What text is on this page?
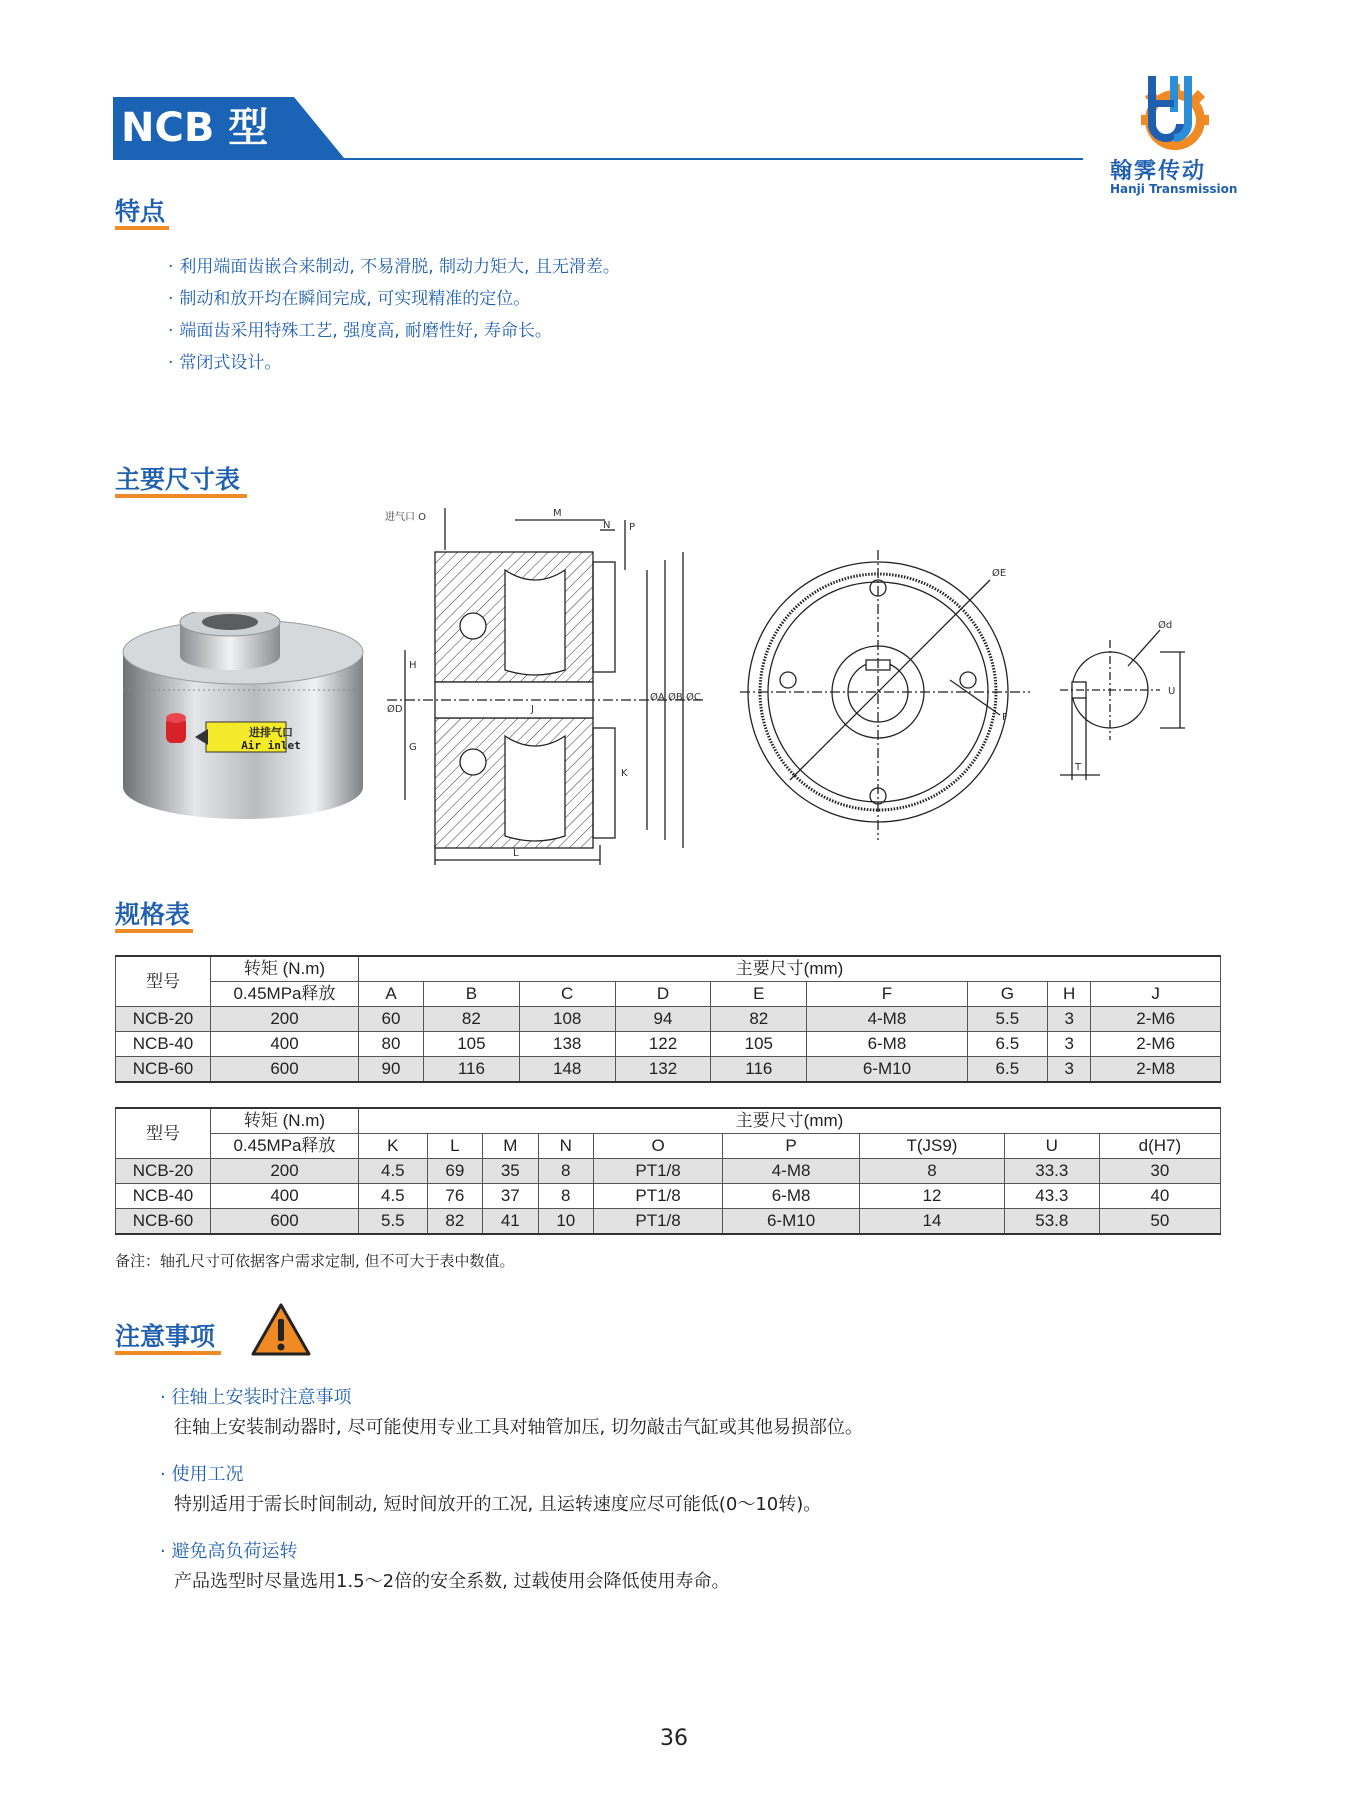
NCB 型
翰霁传动
Hanji Transmission
特点
· 利用端面齿嵌合来制动, 不易滑脱, 制动力矩大, 且无滑差。
· 制动和放开均在瞬间完成, 可实现精准的定位。
· 端面齿采用特殊工艺, 强度高, 耐磨性好, 寿命长。
· 常闭式设计。
主要尺寸表
进排气口
Air inlet
进气口 O	M
N P
H
ØD	J
ØA ØB ØC
G
K
L
ØE
F
Ød
U
T
规格表
型号	转矩 (N.m)	主要尺寸(mm)								
	0.45MPa释放	A	B	C	D	E	F	G	H	J
NCB-20	200	60	82	108	94	82	4-M8	5.5	3	2-M6
NCB-40	400	80	105	138	122	105	6-M8	6.5	3	2-M6
NCB-60	600	90	116	148	132	116	6-M10	6.5	3	2-M8
型号	转矩 (N.m)	主要尺寸(mm)								
	0.45MPa释放	K	L	M	N	O	P	T(JS9)	U	d(H7)
NCB-20	200	4.5	69	35	8	PT1/8	4-M8	8	33.3	30
NCB-40	400	4.5	76	37	8	PT1/8	6-M8	12	43.3	40
NCB-60	600	5.5	82	41	10	PT1/8	6-M10	14	53.8	50
备注：轴孔尺寸可依据客户需求定制, 但不可大于表中数值。
注意事项
· 往轴上安装时注意事项
往轴上安装制动器时, 尽可能使用专业工具对轴管加压, 切勿敲击气缸或其他易损部位。
· 使用工况
特别适用于需长时间制动, 短时间放开的工况, 且运转速度应尽可能低(0～10转)。
· 避免高负荷运转
产品选型时尽量选用1.5～2倍的安全系数, 过载使用会降低使用寿命。
36
